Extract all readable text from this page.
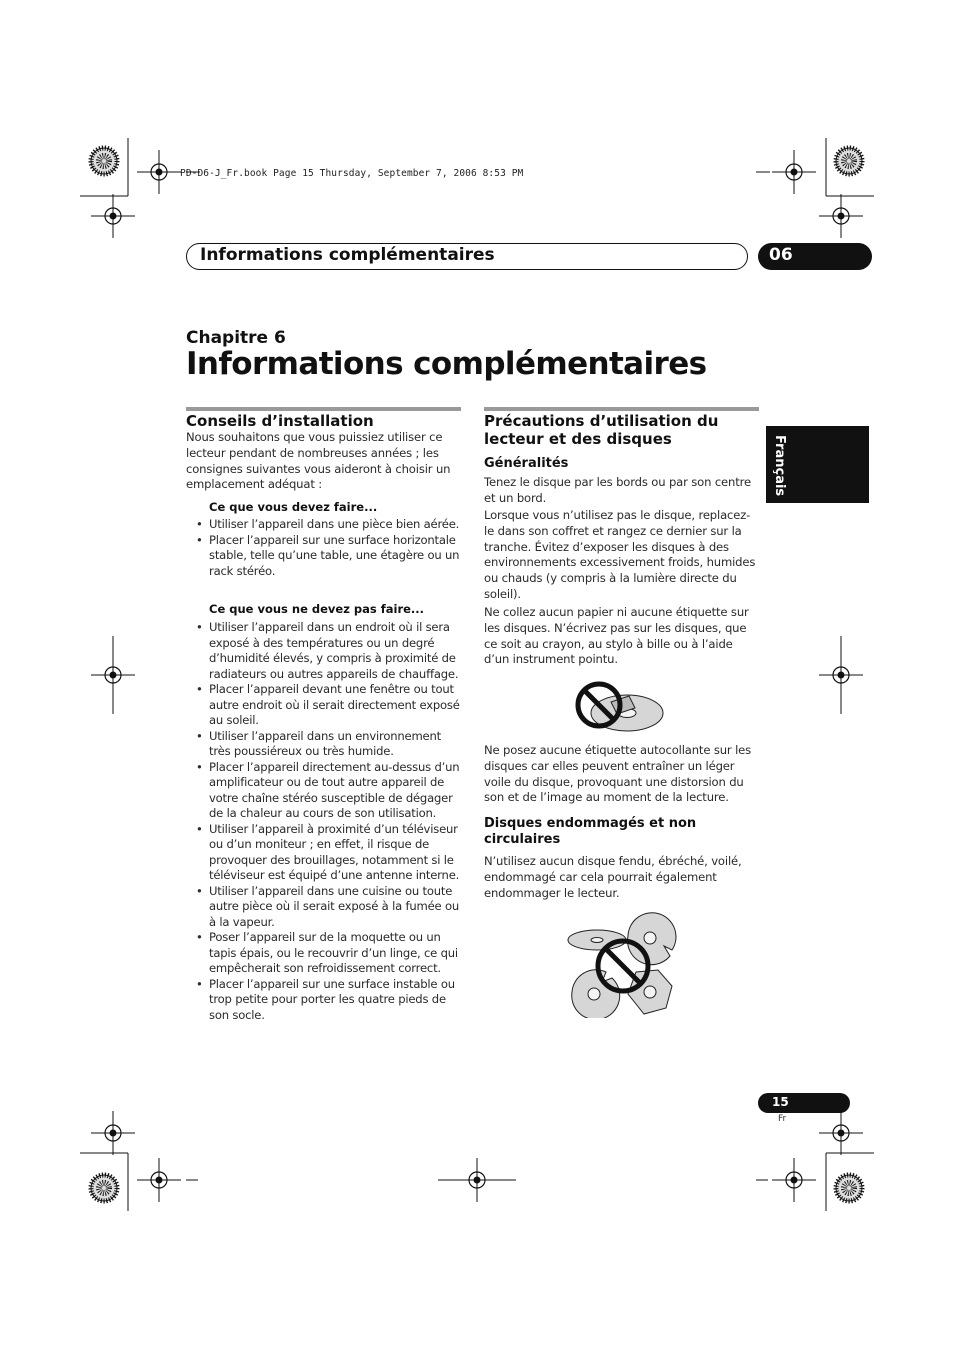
PD-D6-J_Fr.book Page 15 Thursday, September 7, 2006 8:53 PM
Informations complémentaires	06
Chapitre 6
Informations complémentaires
Français
Conseils d’installation
Nous souhaitons que vous puissiez utiliser ce lecteur pendant de nombreuses années ; les consignes suivantes vous aideront à choisir un emplacement adéquat :
Ce que vous devez faire...
• Utiliser l’appareil dans une pièce bien aérée.
• Placer l’appareil sur une surface horizontale stable, telle qu’une table, une étagère ou un rack stéréo.
Ce que vous ne devez pas faire...
• Utiliser l’appareil dans un endroit où il sera exposé à des températures ou un degré d’humidité élevés, y compris à proximité de radiateurs ou autres appareils de chauffage.
• Placer l’appareil devant une fenêtre ou tout autre endroit où il serait directement exposé au soleil.
• Utiliser l’appareil dans un environnement très poussiéreux ou très humide.
• Placer l’appareil directement au-dessus d’un amplificateur ou de tout autre appareil de votre chaîne stéréo susceptible de dégager de la chaleur au cours de son utilisation.
• Utiliser l’appareil à proximité d’un téléviseur ou d’un moniteur ; en effet, il risque de provoquer des brouillages, notamment si le téléviseur est équipé d’une antenne interne.
• Utiliser l’appareil dans une cuisine ou toute autre pièce où il serait exposé à la fumée ou à la vapeur.
• Poser l’appareil sur de la moquette ou un tapis épais, ou le recouvrir d’un linge, ce qui empêcherait son refroidissement correct.
• Placer l’appareil sur une surface instable ou trop petite pour porter les quatre pieds de son socle.
Précautions d’utilisation du lecteur et des disques
Généralités
Tenez le disque par les bords ou par son centre et un bord.
Lorsque vous n’utilisez pas le disque, replacez-le dans son coffret et rangez ce dernier sur la tranche. Évitez d’exposer les disques à des environnements excessivement froids, humides ou chauds (y compris à la lumière directe du soleil).
Ne collez aucun papier ni aucune étiquette sur les disques. N’écrivez pas sur les disques, que ce soit au crayon, au stylo à bille ou à l’aide d’un instrument pointu.
Ne posez aucune étiquette autocollante sur les disques car elles peuvent entraîner un léger voile du disque, provoquant une distorsion du son et de l’image au moment de la lecture.
Disques endommagés et non circulaires
N’utilisez aucun disque fendu, ébréché, voilé, endommagé car cela pourrait également endommager le lecteur.
15
Fr
